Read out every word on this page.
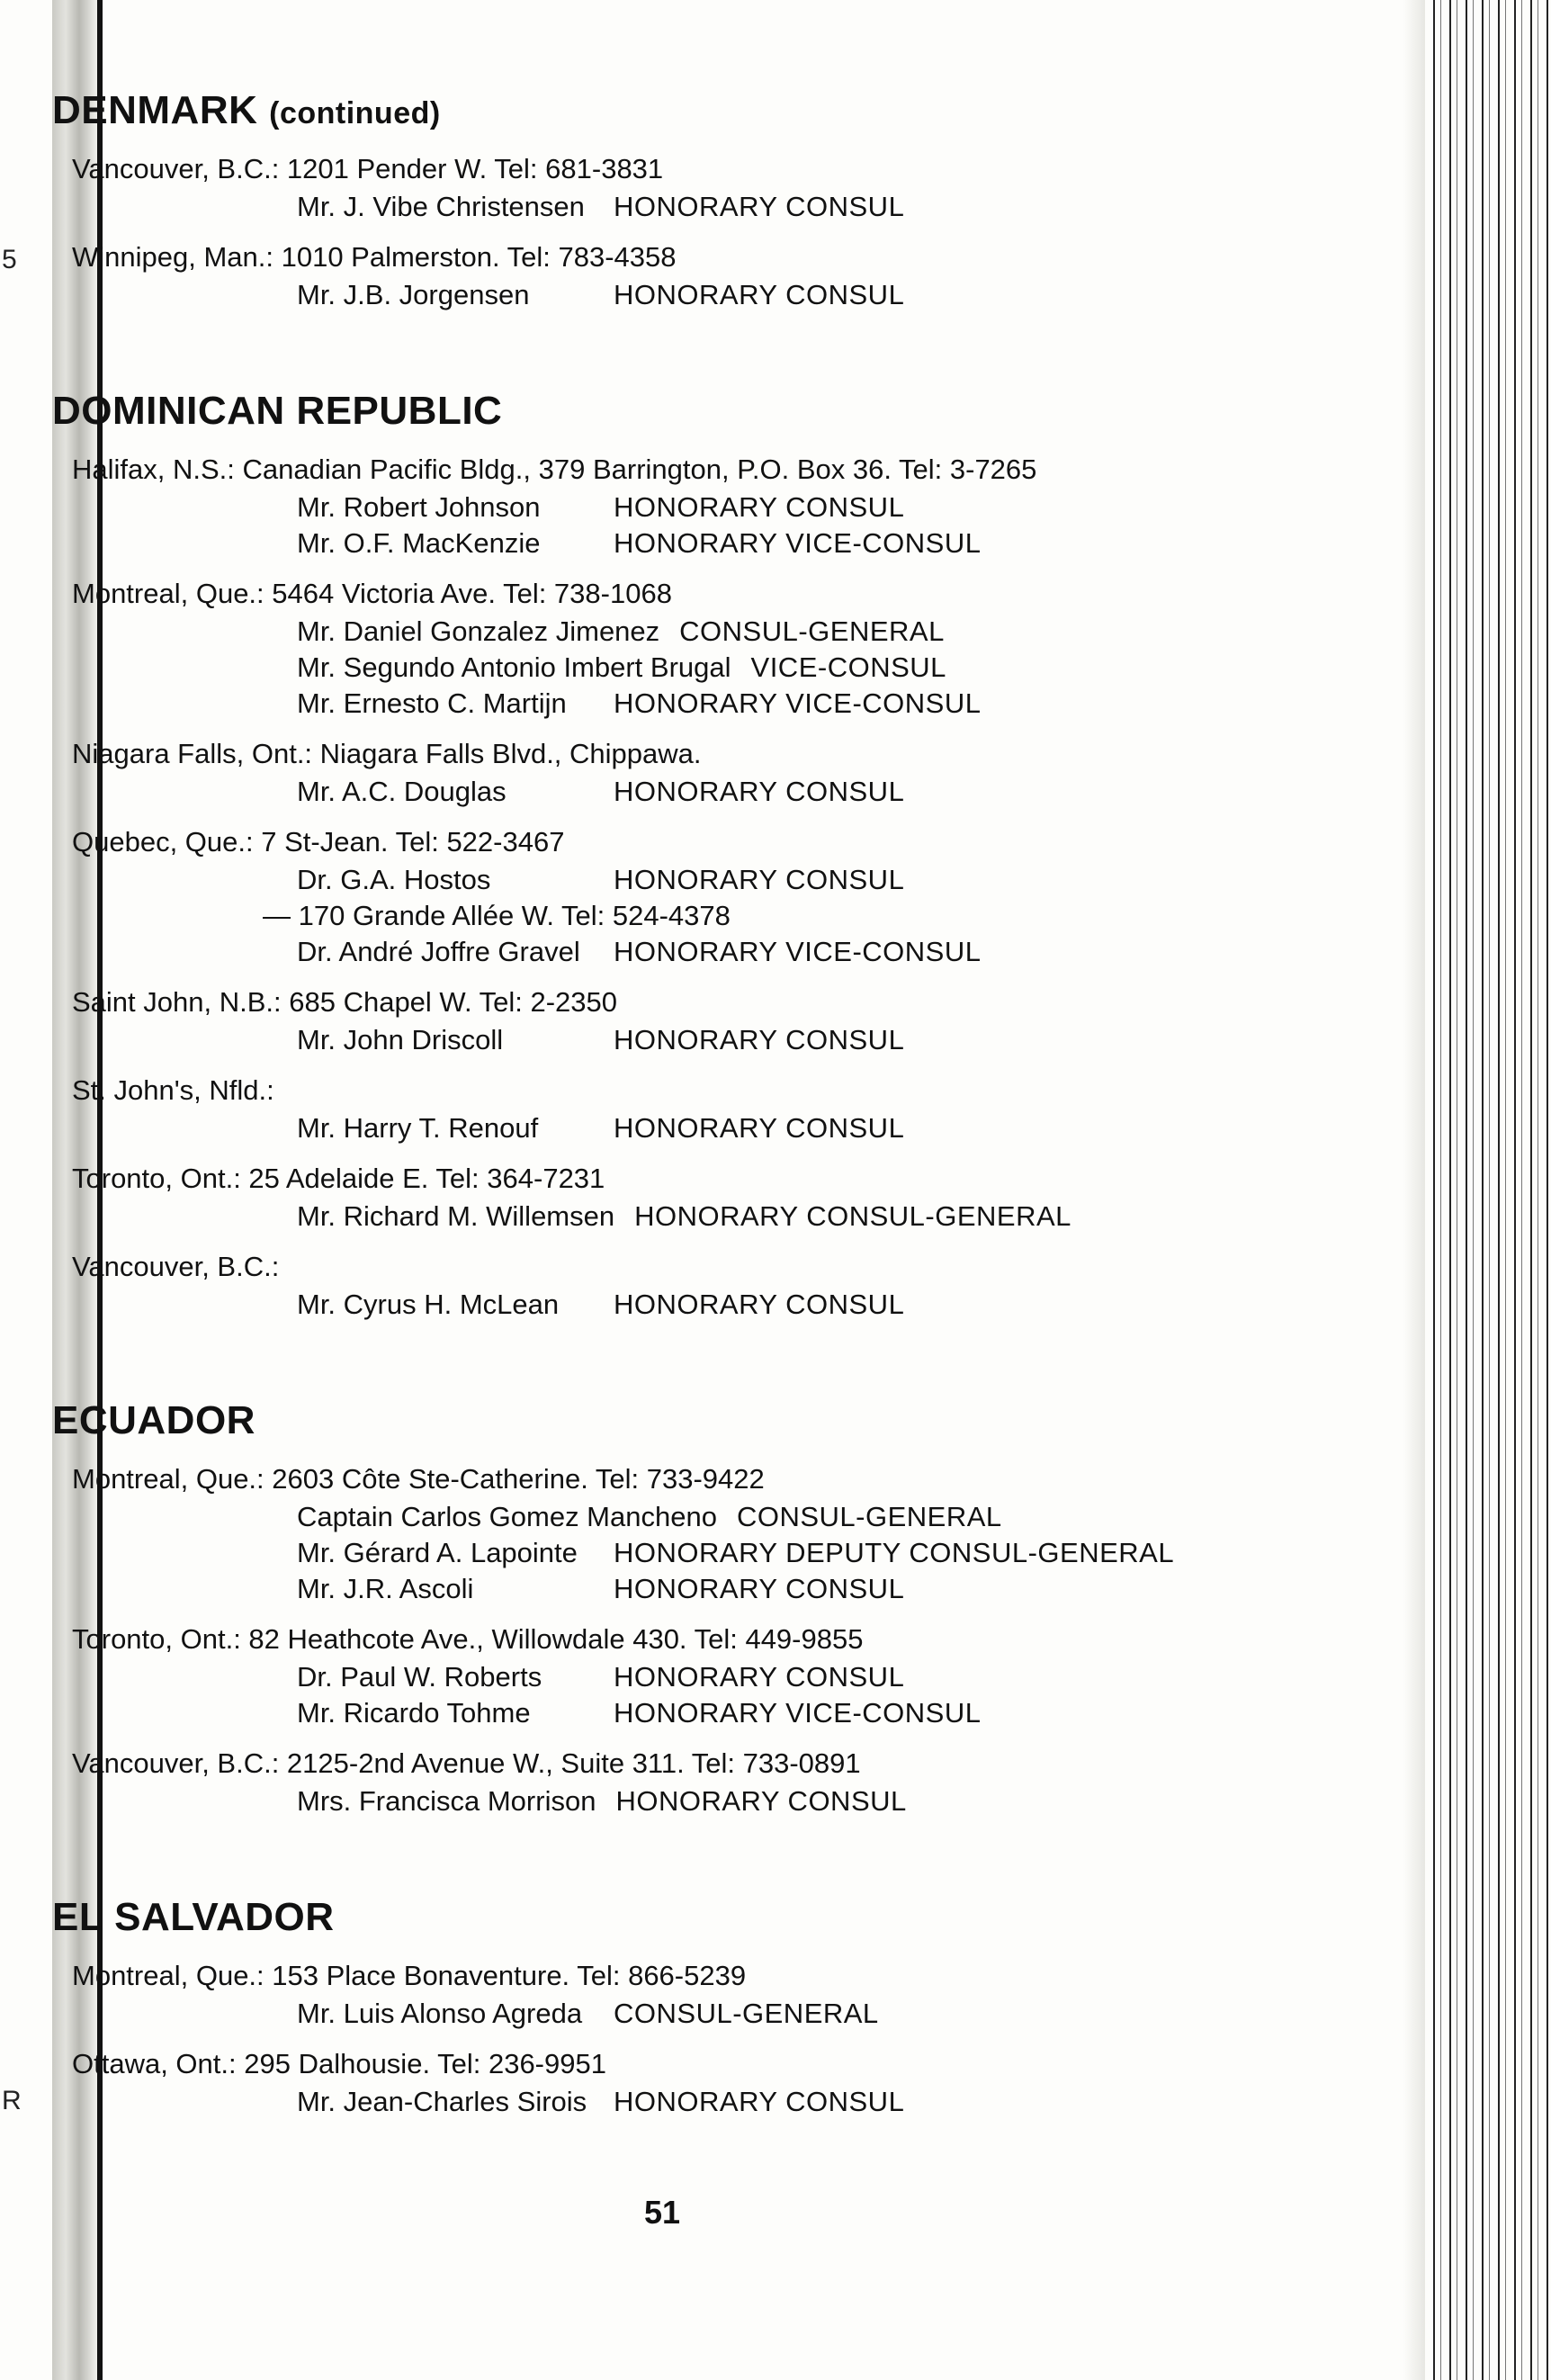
5
R
DENMARK (continued)
Vancouver, B.C.: 1201 Pender W. Tel: 681-3831
Mr. J. Vibe Christensen HONORARY CONSUL
Winnipeg, Man.: 1010 Palmerston. Tel: 783-4358
Mr. J.B. Jorgensen	HONORARY CONSUL
DOMINICAN REPUBLIC
Halifax, N.S.: Canadian Pacific Bldg., 379 Barrington, P.O. Box 36. Tel: 3-7265
Mr. Robert Johnson	HONORARY CONSUL
Mr. O.F. MacKenzie	HONORARY VICE-CONSUL
Montreal, Que.: 5464 Victoria Ave. Tel: 738-1068
Mr. Daniel Gonzalez Jimenez CONSUL-GENERAL
Mr. Segundo Antonio Imbert Brugal VICE-CONSUL
Mr. Ernesto C. Martijn HONORARY VICE-CONSUL
Niagara Falls, Ont.: Niagara Falls Blvd., Chippawa.
Mr. A.C. Douglas	HONORARY CONSUL
Quebec, Que.: 7 St-Jean. Tel: 522-3467
Dr. G.A. Hostos	HONORARY CONSUL
— 170 Grande Allée W. Tel: 524-4378
Dr. André Joffre Gravel HONORARY VICE-CONSUL
Saint John, N.B.: 685 Chapel W. Tel: 2-2350
Mr. John Driscoll	HONORARY CONSUL
St. John's, Nfld.:
Mr. Harry T. Renouf	HONORARY CONSUL
Toronto, Ont.: 25 Adelaide E. Tel: 364-7231
Mr. Richard M. Willemsen HONORARY CONSUL-GENERAL
Vancouver, B.C.:
Mr. Cyrus H. McLean HONORARY CONSUL
ECUADOR
Montreal, Que.: 2603 Côte Ste-Catherine. Tel: 733-9422
Captain Carlos Gomez Mancheno CONSUL-GENERAL
Mr. Gérard A. Lapointe HONORARY DEPUTY CONSUL-GENERAL
Mr. J.R. Ascoli	HONORARY CONSUL
Toronto, Ont.: 82 Heathcote Ave., Willowdale 430. Tel: 449-9855
Dr. Paul W. Roberts	HONORARY CONSUL
Mr. Ricardo Tohme	HONORARY VICE-CONSUL
Vancouver, B.C.: 2125-2nd Avenue W., Suite 311. Tel: 733-0891
Mrs. Francisca Morrison HONORARY CONSUL
EL SALVADOR
Montreal, Que.: 153 Place Bonaventure. Tel: 866-5239
Mr. Luis Alonso Agreda CONSUL-GENERAL
Ottawa, Ont.: 295 Dalhousie. Tel: 236-9951
Mr. Jean-Charles Sirois HONORARY CONSUL
51
